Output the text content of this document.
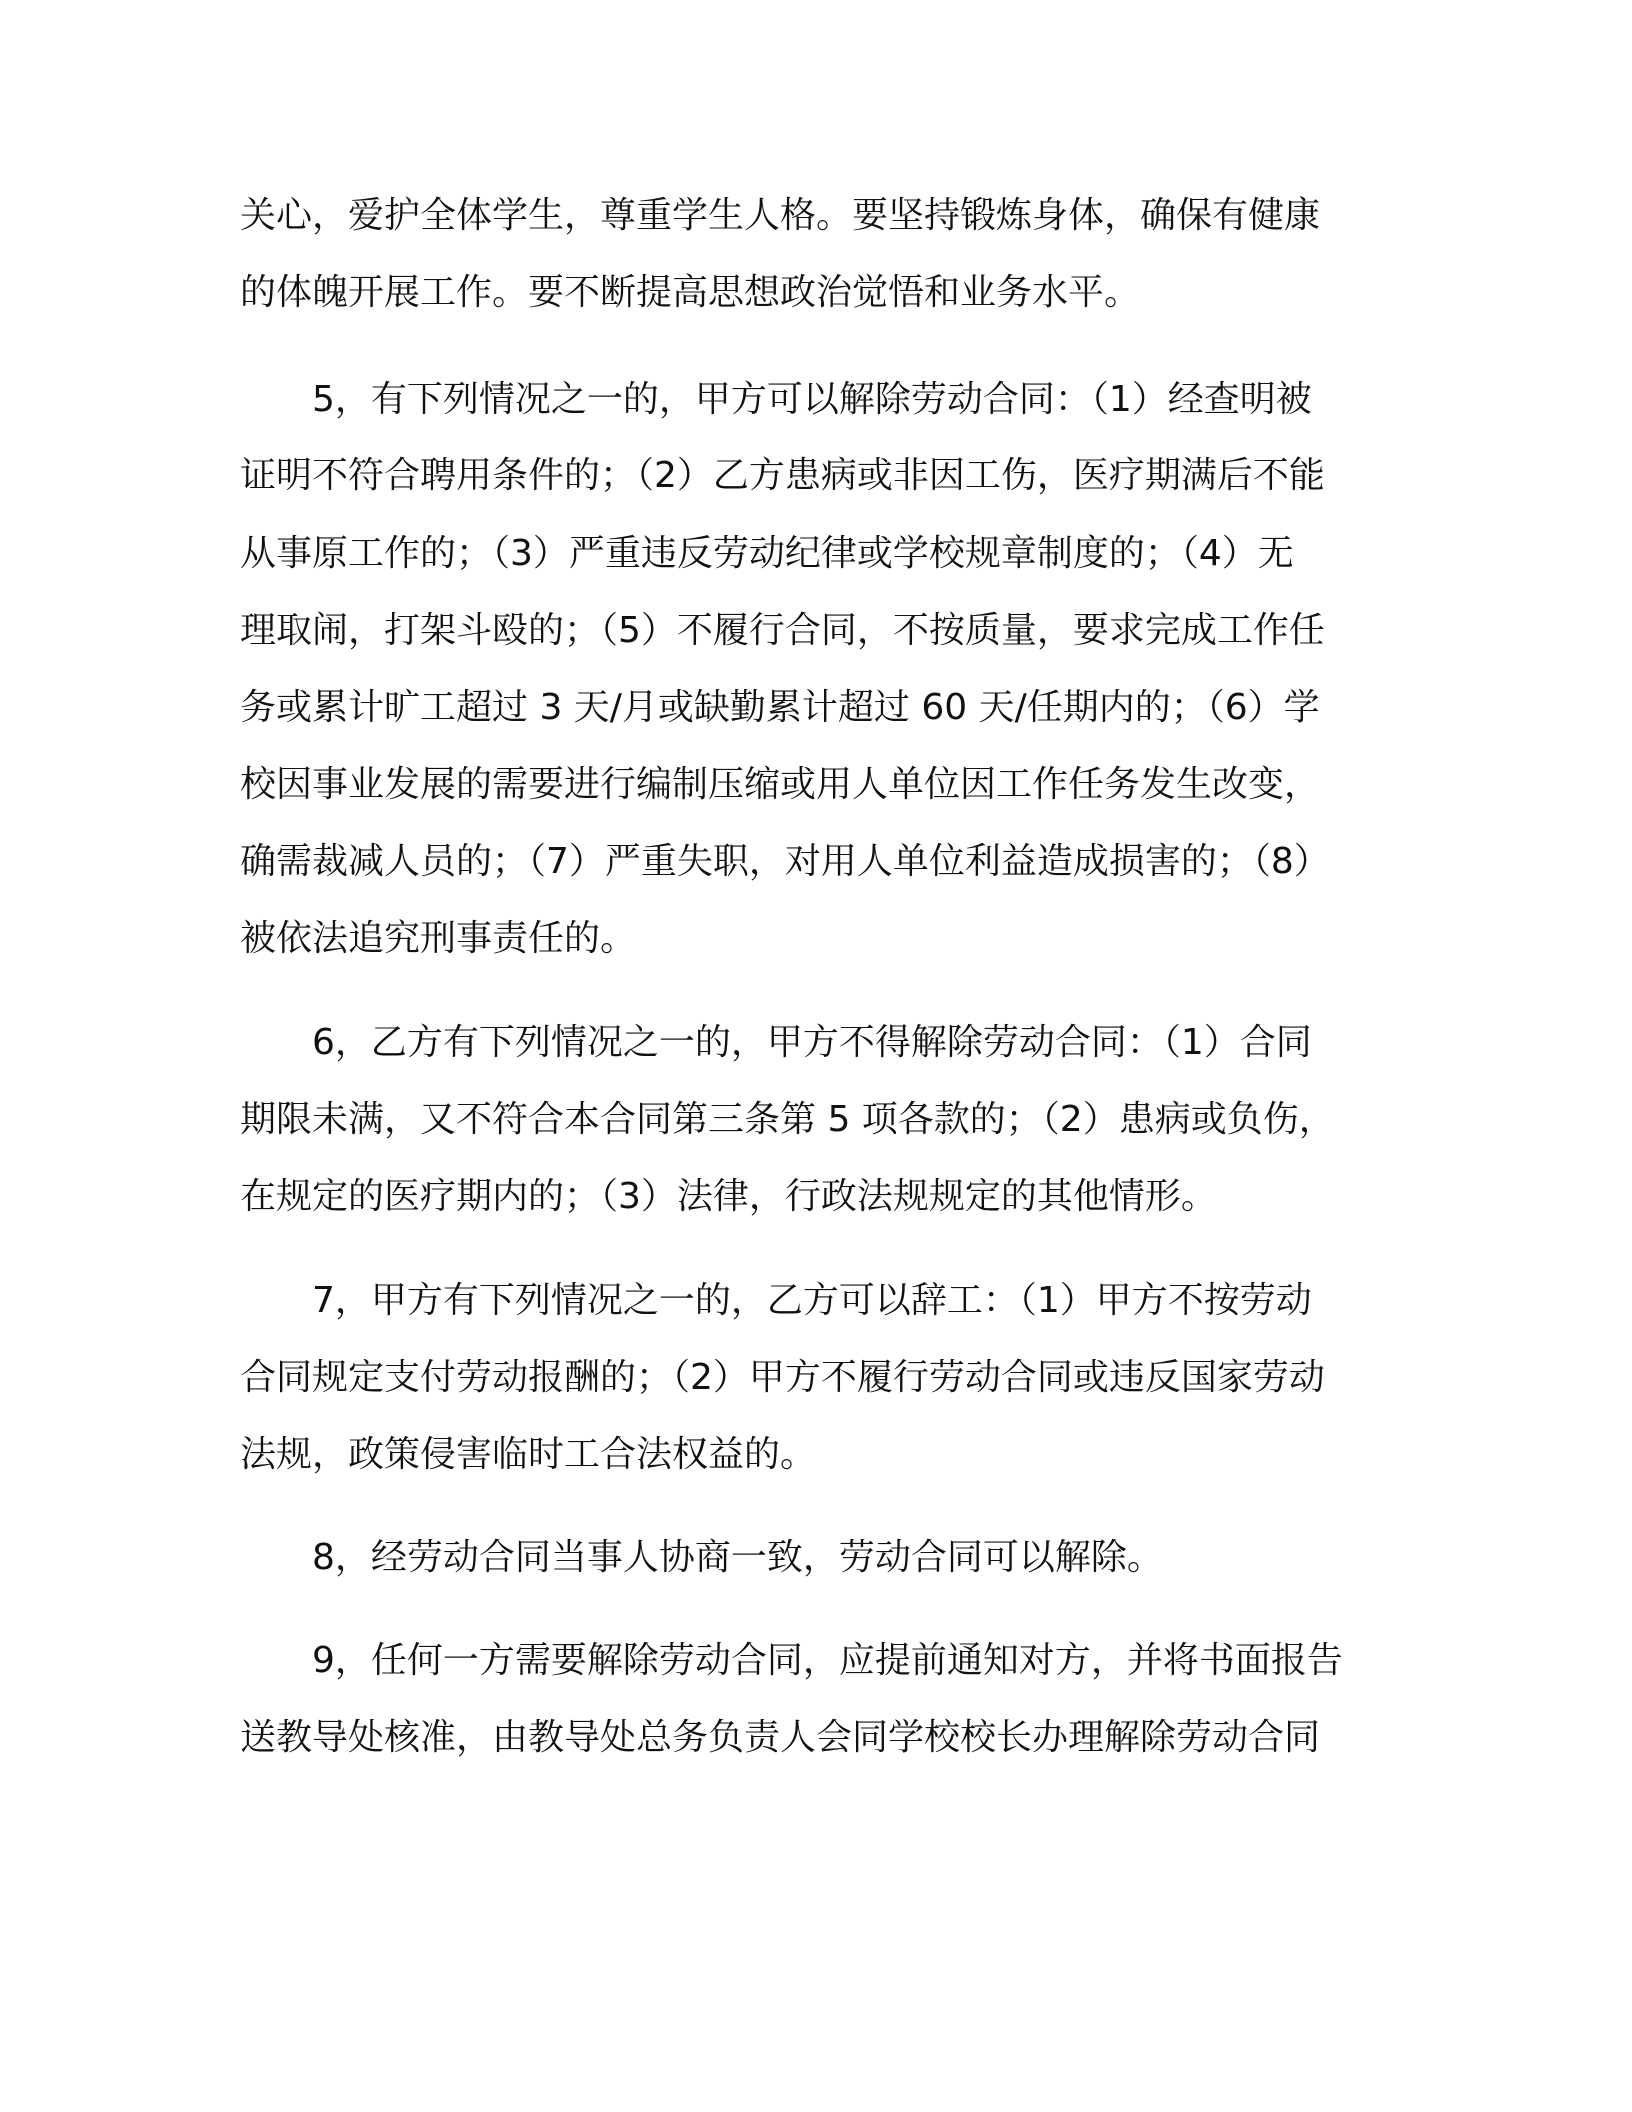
关心，爱护全体学生，尊重学生人格。要坚持锻炼身体，确保有健康
的体魄开展工作。要不断提高思想政治觉悟和业务水平。
5，有下列情况之一的，甲方可以解除劳动合同：（1）经查明被
证明不符合聘用条件的；（2）乙方患病或非因工伤，医疗期满后不能
从事原工作的；（3）严重违反劳动纪律或学校规章制度的；（4）无
理取闹，打架斗殴的；（5）不履行合同，不按质量，要求完成工作任
务或累计旷工超过 3 天/月或缺勤累计超过 60 天/任期内的；（6）学
校因事业发展的需要进行编制压缩或用人单位因工作任务发生改变，
确需裁减人员的；（7）严重失职，对用人单位利益造成损害的；（8）
被依法追究刑事责任的。
6，乙方有下列情况之一的，甲方不得解除劳动合同：（1）合同
期限未满，又不符合本合同第三条第 5 项各款的；（2）患病或负伤，
在规定的医疗期内的；（3）法律，行政法规规定的其他情形。
7，甲方有下列情况之一的，乙方可以辞工：（1）甲方不按劳动
合同规定支付劳动报酬的；（2）甲方不履行劳动合同或违反国家劳动
法规，政策侵害临时工合法权益的。
8，经劳动合同当事人协商一致，劳动合同可以解除。
9，任何一方需要解除劳动合同，应提前通知对方，并将书面报告
送教导处核准，由教导处总务负责人会同学校校长办理解除劳动合同
